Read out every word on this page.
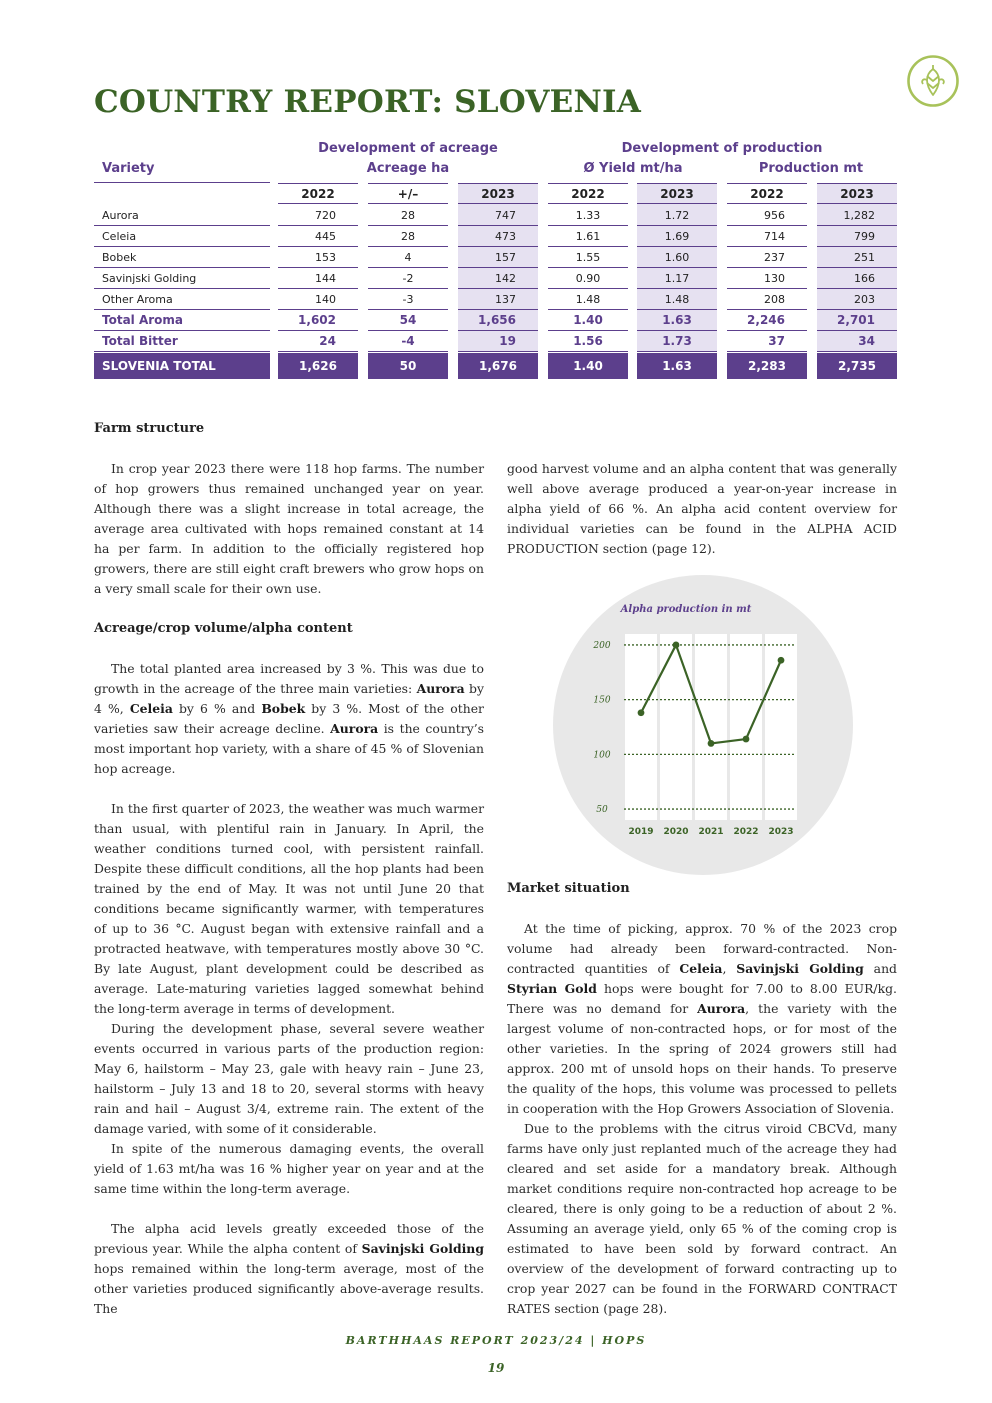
COUNTRY REPORT: SLOVENIA
Development of acreage	Development of production
Variety	Acreage ha	Ø Yield mt/ha	Production mt
2022	+/–	2023	2022	2023	2022	2023
Aurora	720	28	747	1.33	1.72	956	1,282
Celeia	445	28	473	1.61	1.69	714	799
Bobek	153	4	157	1.55	1.60	237	251
Savinjski Golding	144	-2	142	0.90	1.17	130	166
Other Aroma	140	-3	137	1.48	1.48	208	203
Total Aroma	1,602	54	1,656	1.40	1.63	2,246	2,701
Total Bitter	24	-4	19	1.56	1.73	37	34
SLOVENIA TOTAL	1,626	50	1,676	1.40	1.63	2,283	2,735
Farm structure

In crop year 2023 there were 118 hop farms. The number of hop growers thus remained unchanged year on year. Although there was a slight increase in total acreage, the average area cultivated with hops remained constant at 14 ha per farm. In addition to the officially registered hop growers, there are still eight craft brewers who grow hops on a very small scale for their own use.

Acreage/crop volume/alpha content

The total planted area increased by 3 %. This was due to growth in the acreage of the three main varieties: Aurora by 4 %, Celeia by 6 % and Bobek by 3 %. Most of the other varieties saw their acreage decline. Aurora is the country’s most important hop variety, with a share of 45 % of Slovenian hop acreage.

In the first quarter of 2023, the weather was much warmer than usual, with plentiful rain in January. In April, the weather conditions turned cool, with persistent rainfall. Despite these difficult conditions, all the hop plants had been trained by the end of May. It was not until June 20 that conditions became significantly warmer, with temperatures of up to 36 °C. August began with extensive rainfall and a protracted heatwave, with temperatures mostly above 30 °C. By late August, plant development could be described as average. Late-maturing varieties lagged somewhat behind the long-term average in terms of development.

During the development phase, several severe weather events occurred in various parts of the production region: May 6, hailstorm – May 23, gale with heavy rain – June 23, hailstorm – July 13 and 18 to 20, several storms with heavy rain and hail – August 3/4, extreme rain. The extent of the damage varied, with some of it considerable.

In spite of the numerous damaging events, the overall yield of 1.63 mt/ha was 16 % higher year on year and at the same time within the long-term average.

The alpha acid levels greatly exceeded those of the previous year. While the alpha content of Savinjski Golding hops remained within the long-term average, most of the other varieties produced significantly above-average results. The

good harvest volume and an alpha content that was generally well above average produced a year-on-year increase in alpha yield of 66 %. An alpha acid content overview for individual varieties can be found in the ALPHA ACID PRODUCTION section (page 12).

Alpha production in mt
50
100
150
200
2019 2020 2021 2022 2023
Market situation

At the time of picking, approx. 70 % of the 2023 crop volume had already been forward-contracted. Non-contracted quantities of Celeia, Savinjski Golding and Styrian Gold hops were bought for 7.00 to 8.00 EUR/kg. There was no demand for Aurora, the variety with the largest volume of non-contracted hops, or for most of the other varieties. In the spring of 2024 growers still had approx. 200 mt of unsold hops on their hands. To preserve the quality of the hops, this volume was processed to pellets in cooperation with the Hop Growers Association of Slovenia.

Due to the problems with the citrus viroid CBCVd, many farms have only just replanted much of the acreage they had cleared and set aside for a mandatory break. Although market conditions require non-contracted hop acreage to be cleared, there is only going to be a reduction of about 2 %. Assuming an average yield, only 65 % of the coming crop is estimated to have been sold by forward contract. An overview of the development of forward contracting up to crop year 2027 can be found in the FORWARD CONTRACT RATES section (page 28).

BARTHHAAS REPORT 2023/24 | HOPS
19
